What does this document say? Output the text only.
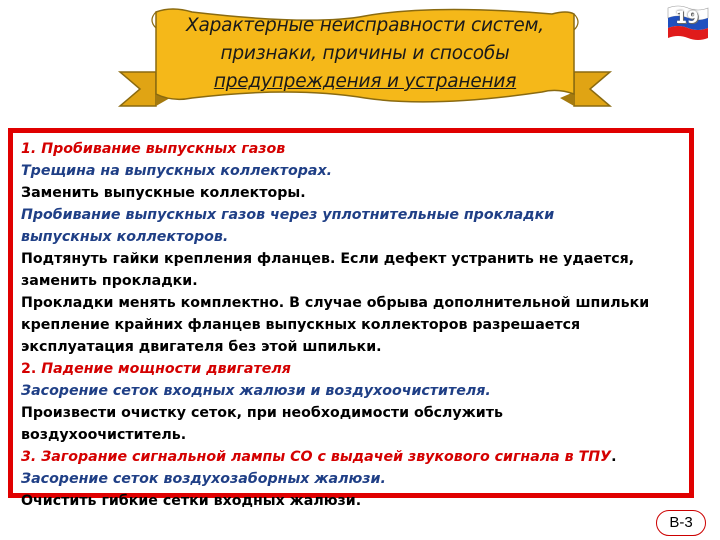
Характерные неисправности систем,
признаки, причины и способы
предупреждения и устранения
19
1. Пробивание выпускных газов
Трещина на выпускных коллекторах.
Заменить выпускные коллекторы.
Пробивание выпускных газов через уплотнительные прокладки
выпускных коллекторов.
Подтянуть гайки крепления фланцев. Если дефект устранить не удается,
заменить прокладки.
Прокладки менять комплектно. В случае обрыва дополнительной шпильки
крепление крайних фланцев выпускных коллекторов разрешается
эксплуатация двигателя без этой шпильки.
2. Падение мощности двигателя
Засорение сеток входных жалюзи и воздухоочистителя.
Произвести очистку сеток, при необходимости обслужить
воздухоочиститель.
3. Загорание сигнальной лампы СО с выдачей звукового сигнала в ТПУ.
Засорение сеток воздухозаборных жалюзи.
Очистить гибкие сетки входных жалюзи.
В-3
